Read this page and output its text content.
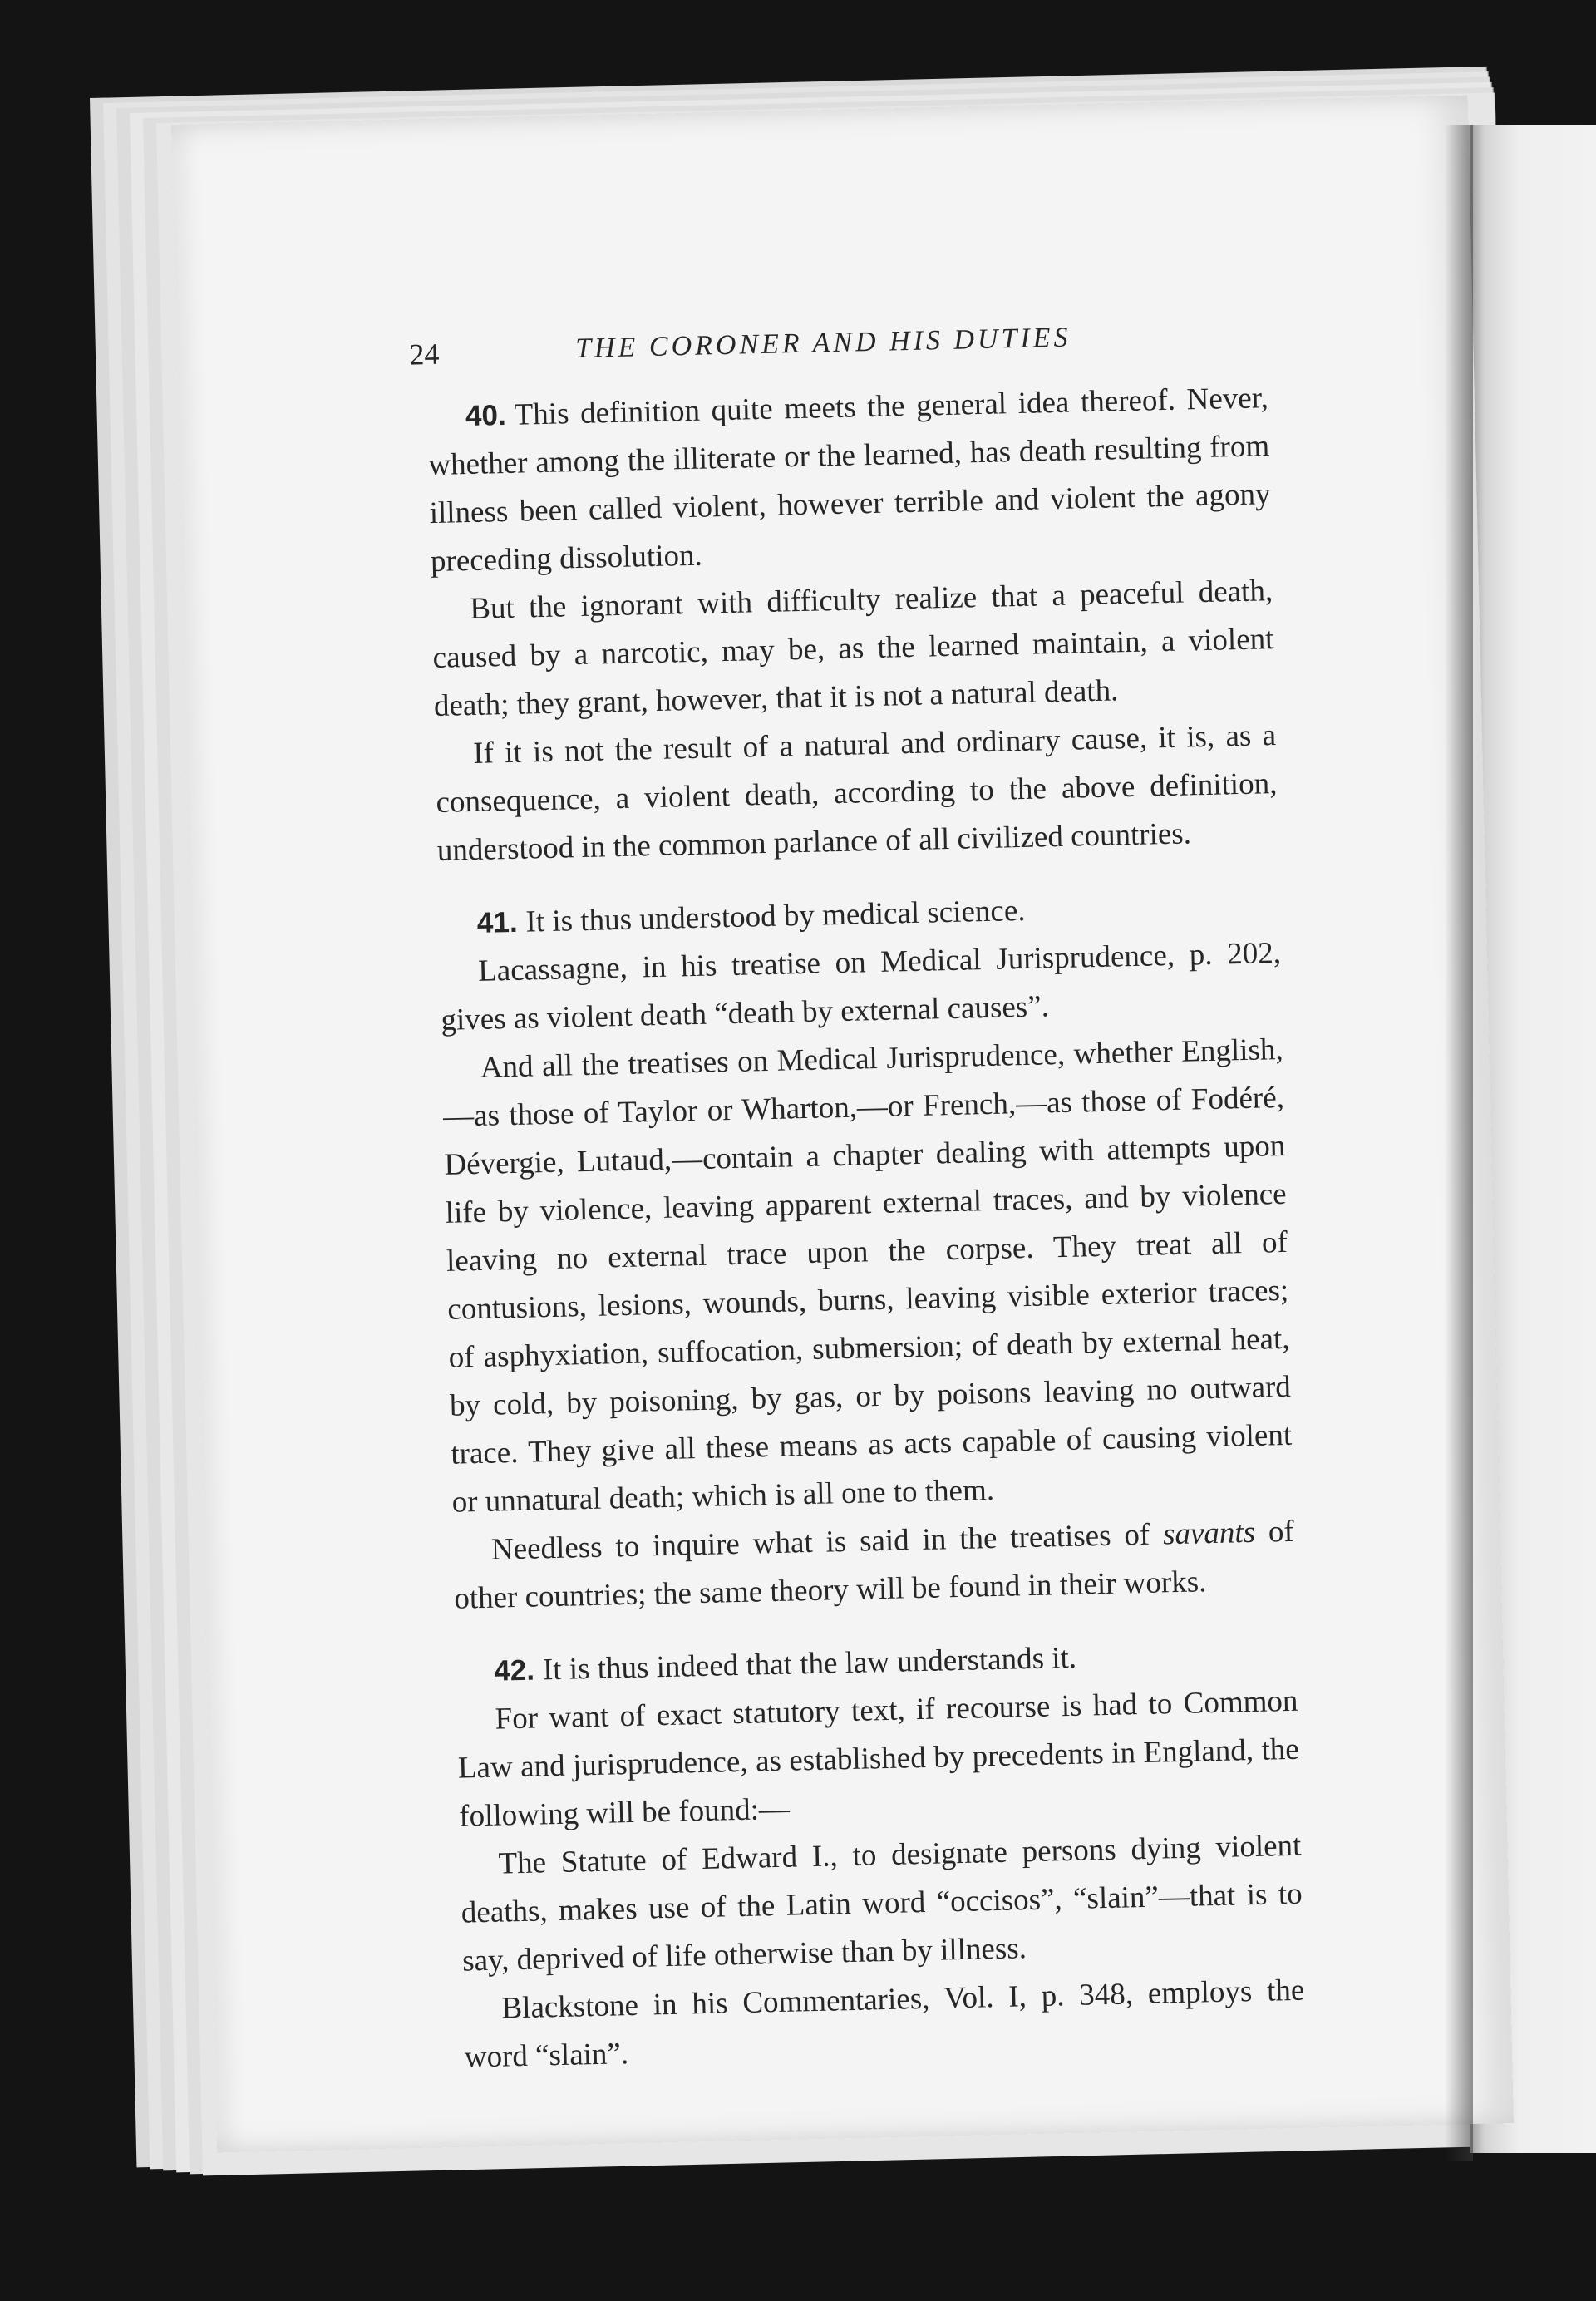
24	THE CORONER AND HIS DUTIES

40. This definition quite meets the general idea thereof. Never, whether among the illiterate or the learned, has death resulting from illness been called violent, however terrible and violent the agony preceding dissolution.

But the ignorant with difficulty realize that a peaceful death, caused by a narcotic, may be, as the learned maintain, a violent death; they grant, however, that it is not a natural death.

If it is not the result of a natural and ordinary cause, it is, as a consequence, a violent death, according to the above definition, understood in the common parlance of all civilized countries.

41. It is thus understood by medical science.

Lacassagne, in his treatise on Medical Jurisprudence, p. 202, gives as violent death “death by external causes”.

And all the treatises on Medical Jurisprudence, whether English,—as those of Taylor or Wharton,—or French,—as those of Fodéré, Dévergie, Lutaud,—contain a chapter dealing with attempts upon life by violence, leaving apparent external traces, and by violence leaving no external trace upon the corpse. They treat all of contusions, lesions, wounds, burns, leaving visible exterior traces; of asphyxiation, suffocation, submersion; of death by external heat, by cold, by poisoning, by gas, or by poisons leaving no outward trace. They give all these means as acts capable of causing violent or unnatural death; which is all one to them.

Needless to inquire what is said in the treatises of savants of other countries; the same theory will be found in their works.

42. It is thus indeed that the law understands it.

For want of exact statutory text, if recourse is had to Common Law and jurisprudence, as established by precedents in England, the following will be found:—

The Statute of Edward I., to designate persons dying violent deaths, makes use of the Latin word “occisos”, “slain”—that is to say, deprived of life otherwise than by illness.

Blackstone in his Commentaries, Vol. I, p. 348, employs the word “slain”.
